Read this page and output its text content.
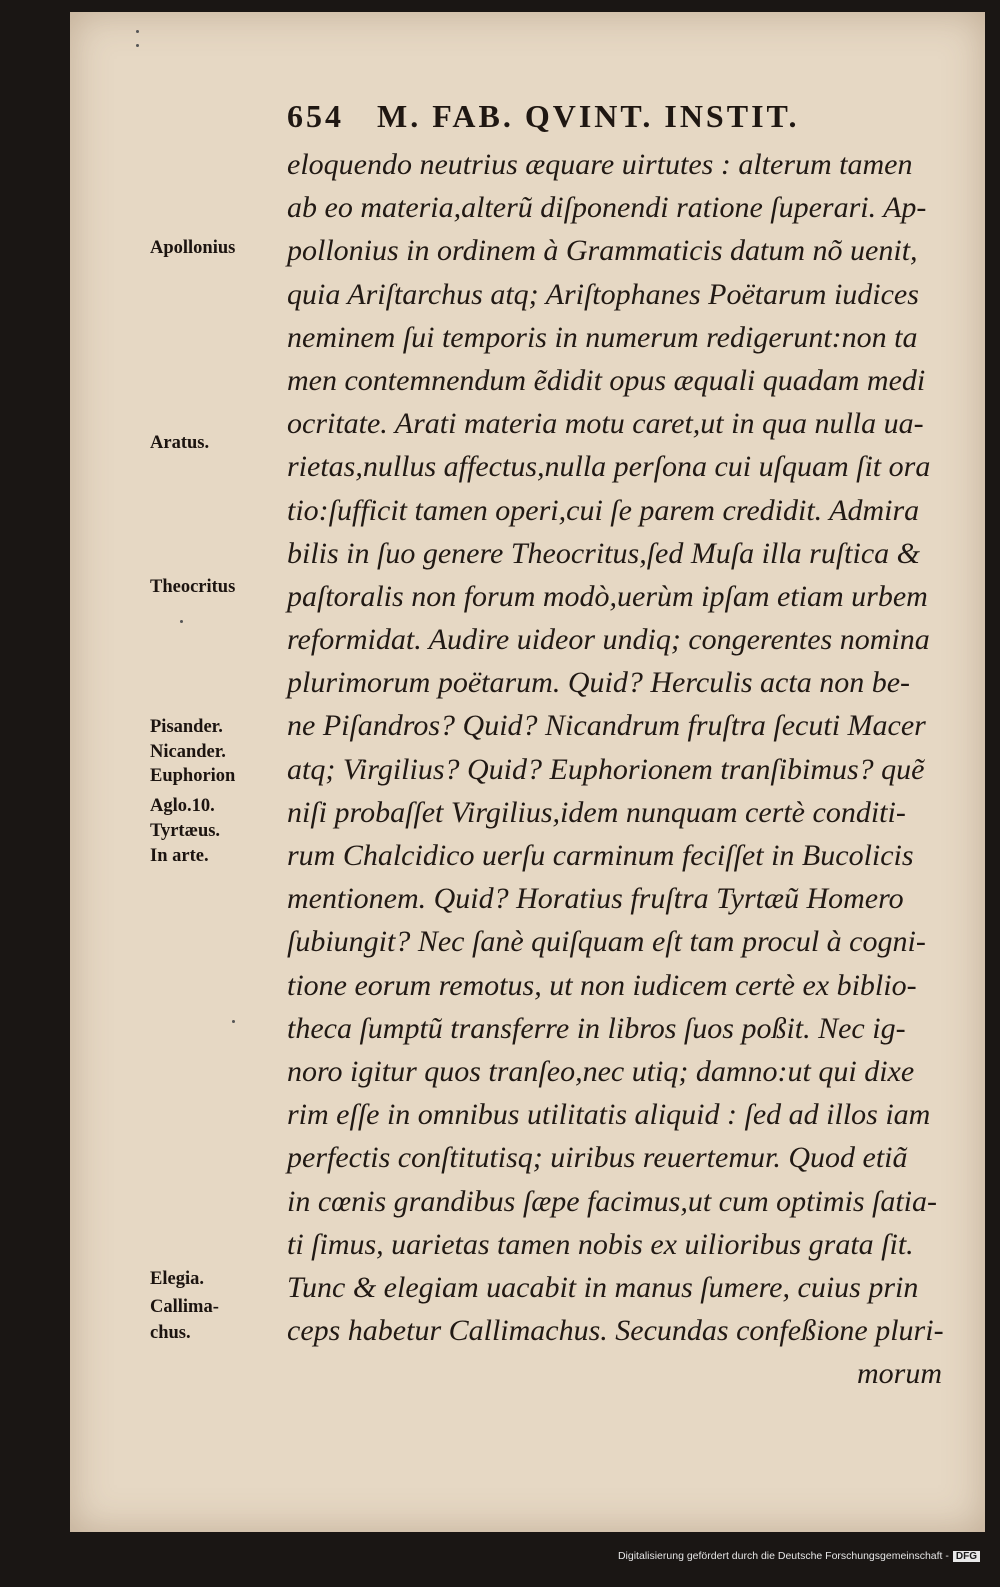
654 M. FAB. QVINT. INSTIT.
Apollonius
Aratus.
Theocritus
Pisander.
Nicander.
Euphorion
Aglo.10.
Tyrtæus.
In arte.
Elegia.
Callima-
chus.
eloquendo neutrius æquare uirtutes : alterum tamen
ab eo materia,alterũ diſponendi ratione ſuperari. Ap-
pollonius in ordinem à Grammaticis datum nõ uenit,
quia Ariſtarchus atq; Ariſtophanes Poëtarum iudices
neminem ſui temporis in numerum redigerunt:non ta
men contemnendum ẽdidit opus æquali quadam medi
ocritate. Arati materia motu caret,ut in qua nulla ua-
rietas,nullus affectus,nulla perſona cui uſquam ſit ora
tio:ſufficit tamen operi,cui ſe parem credidit. Admira
bilis in ſuo genere Theocritus,ſed Muſa illa ruſtica &
paſtoralis non forum modò,uerùm ipſam etiam urbem
reformidat. Audire uideor undiq; congerentes nomina
plurimorum poëtarum. Quid? Herculis acta non be-
ne Piſandros? Quid? Nicandrum fruſtra ſecuti Macer
atq; Virgilius? Quid? Euphorionem tranſibimus? quẽ
niſi probaſſet Virgilius,idem nunquam certè conditi-
rum Chalcidico uerſu carminum feciſſet in Bucolicis
mentionem. Quid? Horatius fruſtra Tyrtæũ Homero
ſubiungit? Nec ſanè quiſquam eſt tam procul à cogni-
tione eorum remotus, ut non iudicem certè ex biblio-
theca ſumptũ transferre in libros ſuos poßit. Nec ig-
noro igitur quos tranſeo,nec utiq; damno:ut qui dixe
rim eſſe in omnibus utilitatis aliquid : ſed ad illos iam
perfectis conſtitutisq; uiribus reuertemur. Quod etiã
in cœnis grandibus ſæpe facimus,ut cum optimis ſatia-
ti ſimus, uarietas tamen nobis ex uilioribus grata ſit.
Tunc & elegiam uacabit in manus ſumere, cuius prin
ceps habetur Callimachus. Secundas confeßione pluri-
morum
Digitalisierung gefördert durch die Deutsche Forschungsgemeinschaft - DFG
